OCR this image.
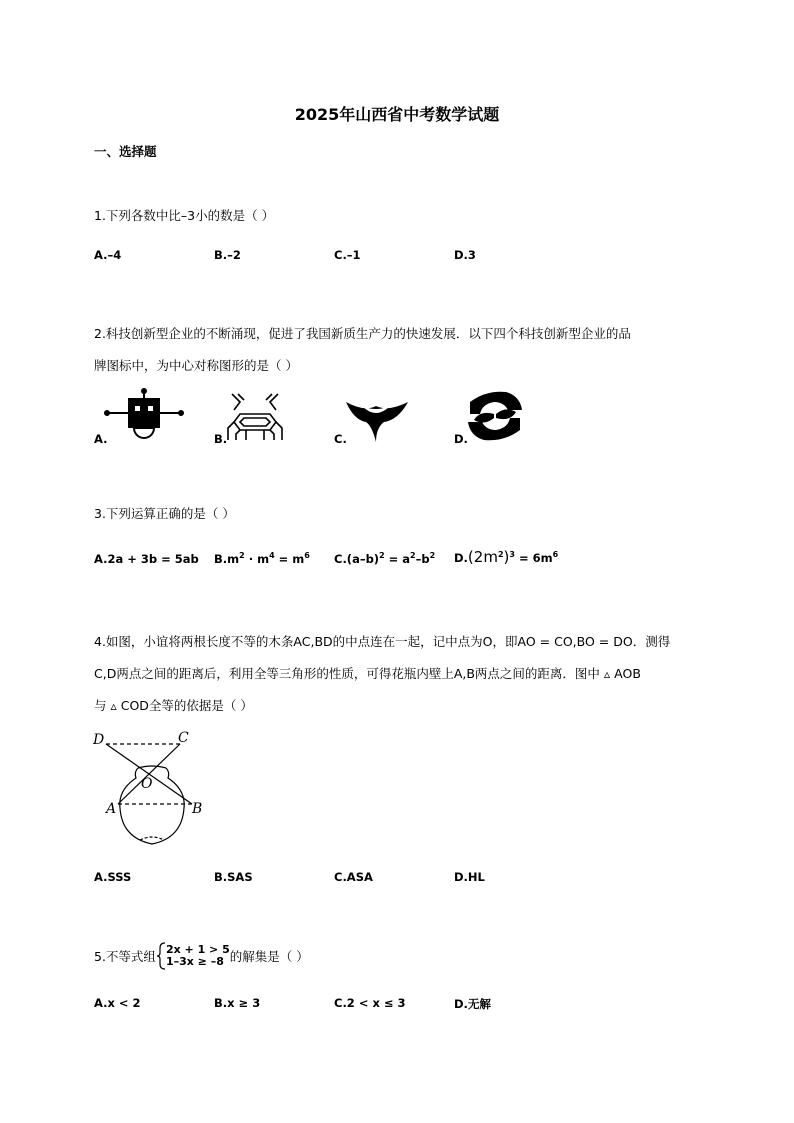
2025年山西省中考数学试题
一、选择题
1.下列各数中比–3小的数是（ ）
A.–4	B.–2	C.–1	D.3
2.科技创新型企业的不断涌现，促进了我国新质生产力的快速发展．以下四个科技创新型企业的品
牌图标中，为中心对称图形的是（ ）
A.	B.	C.	D.
3.下列运算正确的是（ ）
A.2a + 3b = 5ab $B.m^2 \cdot m^4 = m^6$ $C.(a-b)^2 = a^2-b^2$ $D.(2m^2)^3 = 6m^6$
4.如图，小谊将两根长度不等的木条AC,BD的中点连在一起，记中点为O，即AO = CO,BO = DO．测得
C,D两点之间的距离后，利用全等三角形的性质，可得花瓶内壁上A,B两点之间的距离．图中 ▵ AOB
与 ▵ COD全等的依据是（ ）
D	C
O
A	B
A.SSS	B.SAS	C.ASA	D.HL
5.不等式组 2x + 1 > 5
1–3x ≥ –8 的解集是（ ）
A.x < 2	B.x ≥ 3	C.2 < x ≤ 3	D.无解
